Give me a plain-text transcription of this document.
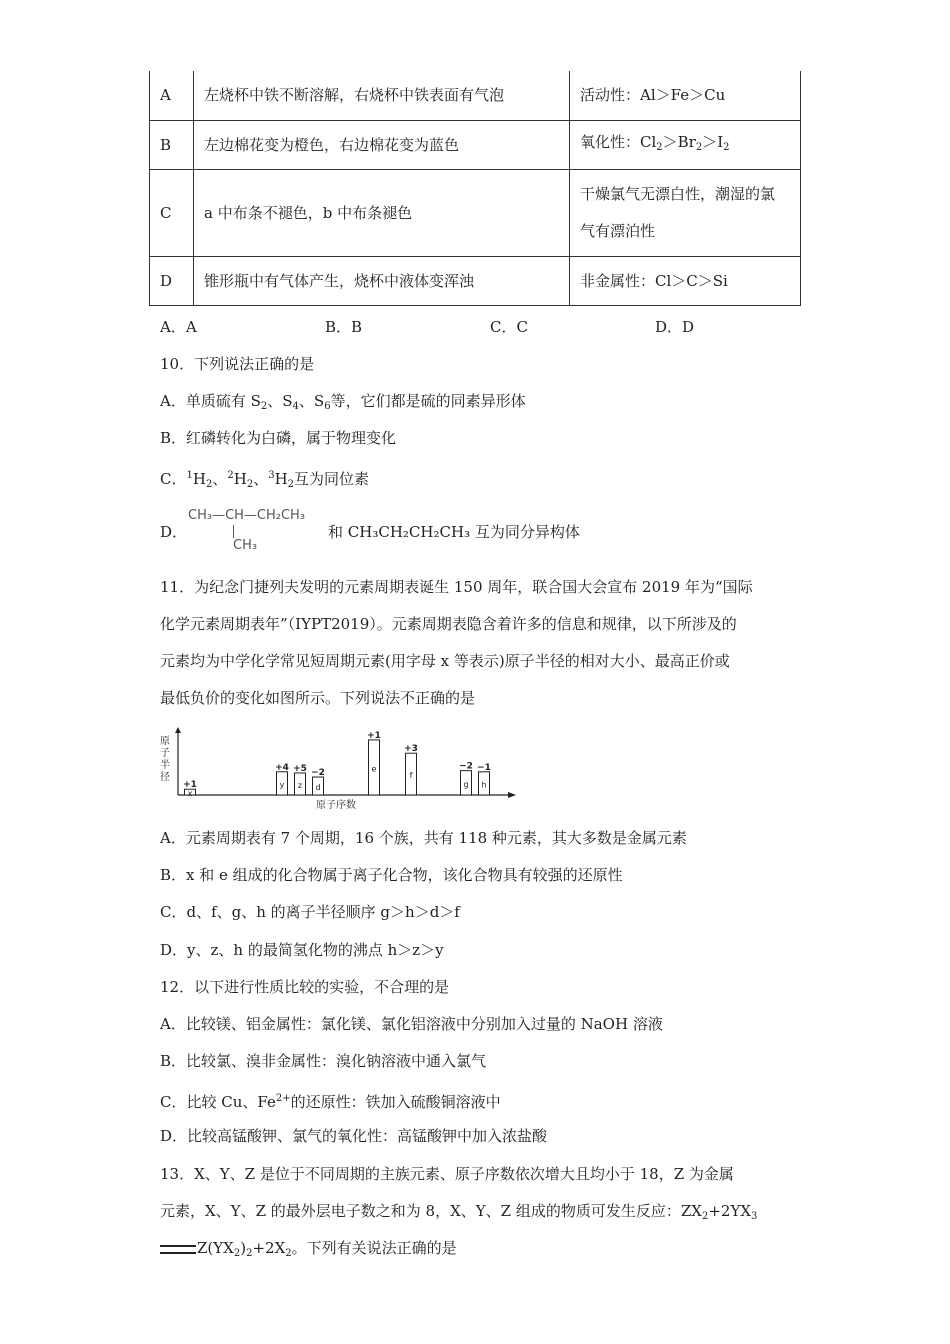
A	左烧杯中铁不断溶解，右烧杯中铁表面有气泡	活动性：Al＞Fe＞Cu
B	左边棉花变为橙色，右边棉花变为蓝色	氧化性：$Cl_2>Br_2>I_2$
C	a 中布条不褪色，b 中布条褪色	干燥氯气无漂白性，潮湿的氯
气有漂泊性

D	锥形瓶中有气体产生，烧杯中液体变浑浊	非金属性：Cl＞C＞Si
A．A	B．B	C．C	D．D
10．下列说法正确的是
A．单质硫有 $S_2$、$S_4$、$S_6$等，它们都是硫的同素异形体
B．红磷转化为白磷，属于物理变化
C．$^1H_2$、$^2H_2$、$^3H_2$互为同位素
D．
CH₃—CH—CH₂CH₃
CH₃
和 CH₃CH₂CH₂CH₃ 互为同分异构体
11．为纪念门捷列夫发明的元素周期表诞生 150 周年，联合国大会宣布 2019 年为“国际
化学元素周期表年”（IYPT2019）。元素周期表隐含着许多的信息和规律，以下所涉及的
元素均为中学化学常见短周期元素(用字母 x 等表示)原子半径的相对大小、最高正价或
最低负价的变化如图所示。下列说法不正确的是
x
+1	y
+4
z
+5
d
−2	e
+1
f
+3
g
−2
h
−1
原子序数
原子半径
A．元素周期表有 7 个周期，16 个族，共有 118 种元素，其大多数是金属元素
B．x 和 e 组成的化合物属于离子化合物，该化合物具有较强的还原性
C．d、f、g、h 的离子半径顺序 g＞h＞d＞f
D．y、z、h 的最简氢化物的沸点 h＞z＞y
12．以下进行性质比较的实验，不合理的是
A．比较镁、铝金属性：氯化镁、氯化铝溶液中分别加入过量的 NaOH 溶液
B．比较氯、溴非金属性：溴化钠溶液中通入氯气
C．比较 Cu、$Fe^{2+}$的还原性：铁加入硫酸铜溶液中
D．比较高锰酸钾、氯气的氧化性：高锰酸钾中加入浓盐酸
13．X、Y、Z 是位于不同周期的主族元素、原子序数依次增大且均小于 18，Z 为金属
元素，X、Y、Z 的最外层电子数之和为 8，X、Y、Z 组成的物质可发生反应：$ZX_2+2YX_3$
$Z(YX_2)_2+2X_2$。下列有关说法正确的是
